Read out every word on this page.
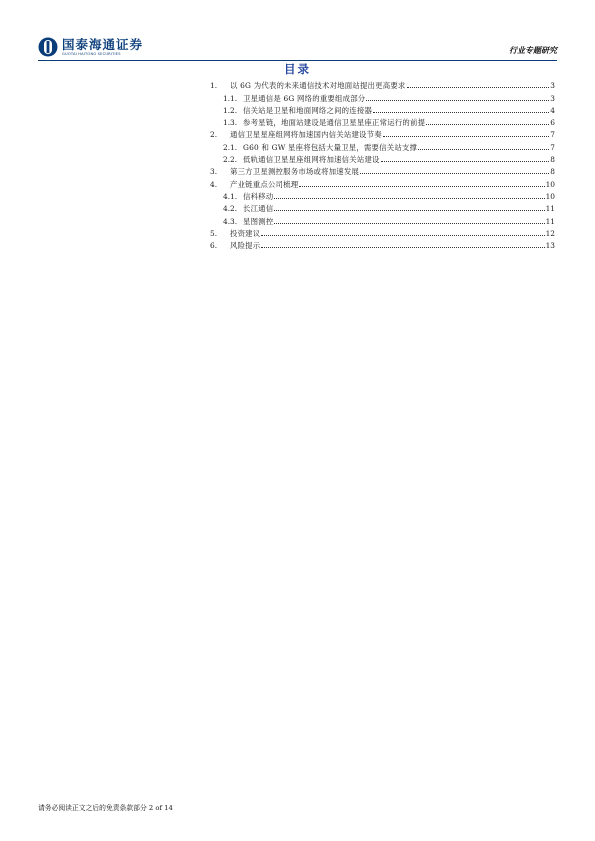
国泰海通证券
GUOTAI HAITONG SECURITIES	行业专题研究
目录
1.	以 6G 为代表的未来通信技术对地面站提出更高要求	3
1.1. 卫星通信是 6G 网络的重要组成部分	3
1.2. 信关站是卫星和地面网络之间的连接器	4
1.3. 参考星链，地面站建设是通信卫星星座正常运行的前提	6
2.	通信卫星星座组网将加速国内信关站建设节奏	7
2.1. G60 和 GW 星座将包括大量卫星，需要信关站支撑	7
2.2. 低轨通信卫星星座组网将加速信关站建设	8
3.	第三方卫星测控服务市场或将加速发展	8
4.	产业链重点公司梳理	10
4.1. 信科移动	10
4.2. 长江通信	11
4.3. 星图测控	11
5.	投资建议	12
6.	风险提示	13
请务必阅读正文之后的免责条款部分 2 of 14
